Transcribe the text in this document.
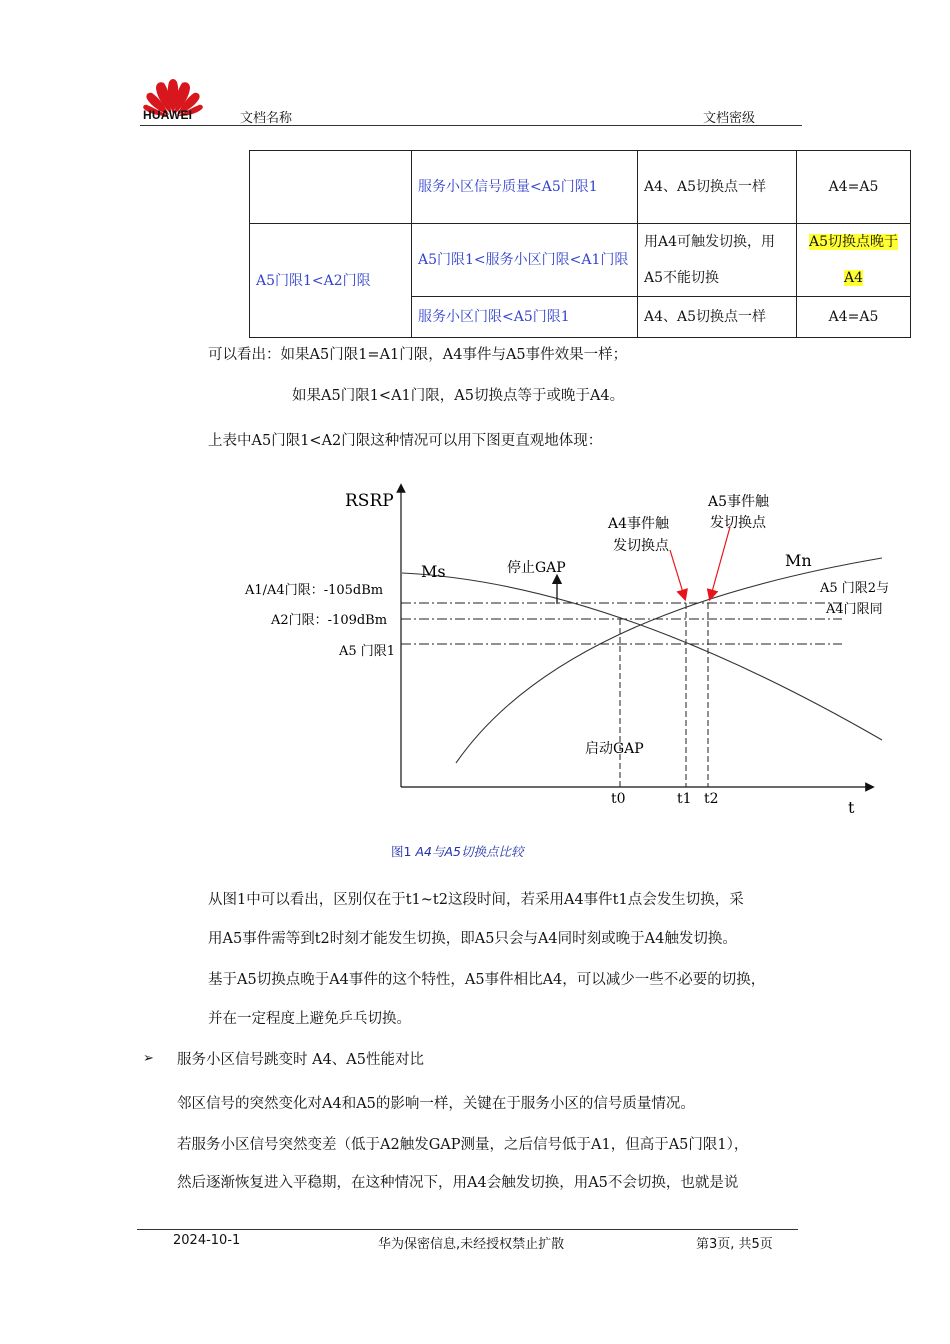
HUAWEI	文档名称	文档密级
	服务小区信号质量<A5门限1	A4、A5切换点一样	A4=A5
A5门限1<A2门限	A5门限1<服务小区门限<A1门限	用A4可触发切换，用A5不能切换	A5切换点晚于A4
	服务小区门限<A5门限1	A4、A5切换点一样	A4=A5
可以看出：如果A5门限1=A1门限，A4事件与A5事件效果一样；
如果A5门限1<A1门限，A5切换点等于或晚于A4。
上表中A5门限1<A2门限这种情况可以用下图更直观地体现：
RSRP
t
A1/A4门限：-105dBm
A2门限：-109dBm
A5 门限1
A5 门限2与
A4门限同
Ms
Mn
停止GAP
启动GAP
A4事件触
发切换点
A5事件触
发切换点
t0	t1 t2
图1 A4与A5切换点比较
从图1中可以看出，区别仅在于t1~t2这段时间，若采用A4事件t1点会发生切换，采
用A5事件需等到t2时刻才能发生切换，即A5只会与A4同时刻或晚于A4触发切换。
基于A5切换点晚于A4事件的这个特性，A5事件相比A4，可以减少一些不必要的切换，
并在一定程度上避免乒乓切换。
➢ 服务小区信号跳变时 A4、A5性能对比
邻区信号的突然变化对A4和A5的影响一样，关键在于服务小区的信号质量情况。
若服务小区信号突然变差（低于A2触发GAP测量，之后信号低于A1，但高于A5门限1），
然后逐渐恢复进入平稳期，在这种情况下，用A4会触发切换，用A5不会切换，也就是说
2024-10-1	华为保密信息,未经授权禁止扩散	第3页, 共5页
